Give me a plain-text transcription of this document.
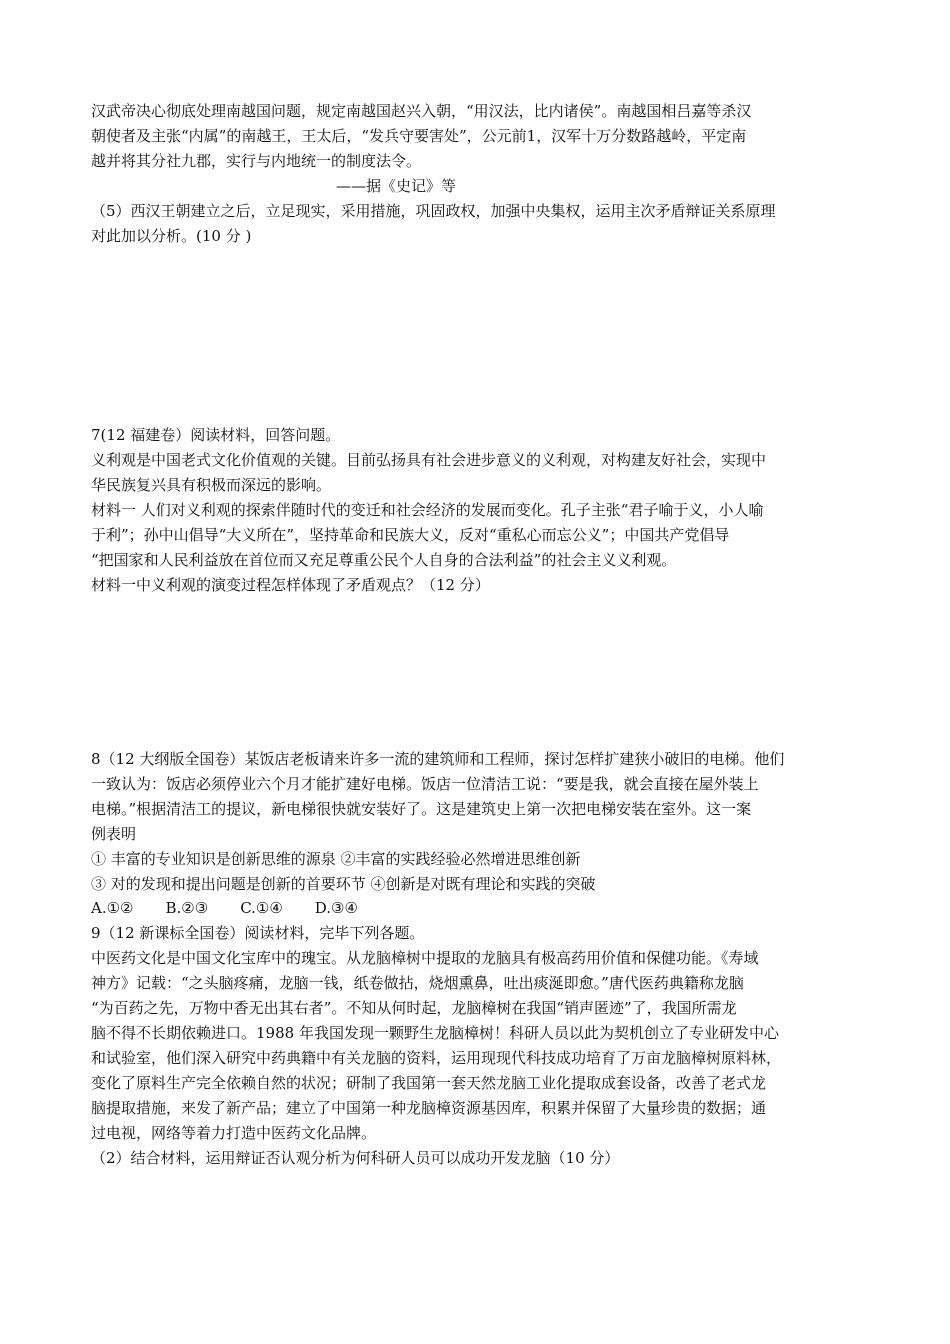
汉武帝决心彻底处理南越国问题，规定南越国赵兴入朝，“用汉法，比内诸侯”。南越国相吕嘉等杀汉
朝使者及主张“内属”的南越王，王太后，“发兵守要害处”，公元前1，汉军十万分数路越岭，平定南
越并将其分社九郡，实行与内地统一的制度法令。
——据《史记》等
（5）西汉王朝建立之后，立足现实，采用措施，巩固政权，加强中央集权，运用主次矛盾辩证关系原理
对此加以分析。(10 分 )
7(12 福建卷）阅读材料，回答问题。
义利观是中国老式文化价值观的关键。目前弘扬具有社会进步意义的义利观，对构建友好社会，实现中
华民族复兴具有积极而深远的影响。
材料一 人们对义利观的探索伴随时代的变迁和社会经济的发展而变化。孔子主张“君子喻于义，小人喻
于利”；孙中山倡导“大义所在”，坚持革命和民族大义，反对“重私心而忘公义”；中国共产党倡导
“把国家和人民利益放在首位而又充足尊重公民个人自身的合法利益”的社会主义义利观。
材料一中义利观的演变过程怎样体现了矛盾观点？（12 分）
8（12 大纲版全国卷）某饭店老板请来许多一流的建筑师和工程师，探讨怎样扩建狭小破旧的电梯。他们
一致认为：饭店必须停业六个月才能扩建好电梯。饭店一位清洁工说：“要是我，就会直接在屋外装上
电梯。”根据清洁工的提议，新电梯很快就安装好了。这是建筑史上第一次把电梯安装在室外。这一案
例表明
① 丰富的专业知识是创新思维的源泉 ②丰富的实践经验必然增进思维创新
③ 对的发现和提出问题是创新的首要环节 ④创新是对既有理论和实践的突破
A.①② B.②③ C.①④ D.③④
9（12 新课标全国卷）阅读材料，完毕下列各题。
中医药文化是中国文化宝库中的瑰宝。从龙脑樟树中提取的龙脑具有极高药用价值和保健功能。《寿域
神方》记载：“之头脑疼痛，龙脑一钱，纸卷做拈，烧烟熏鼻，吐出痰涎即愈。”唐代医药典籍称龙脑
“为百药之先，万物中香无出其右者”。不知从何时起，龙脑樟树在我国“销声匿迹”了，我国所需龙
脑不得不长期依赖进口。1988 年我国发现一颗野生龙脑樟树！科研人员以此为契机创立了专业研发中心
和试验室，他们深入研究中药典籍中有关龙脑的资料，运用现现代科技成功培育了万亩龙脑樟树原料林，
变化了原料生产完全依赖自然的状况；研制了我国第一套天然龙脑工业化提取成套设备，改善了老式龙
脑提取措施，来发了新产品；建立了中国第一种龙脑樟资源基因库，积累并保留了大量珍贵的数据；通
过电视，网络等着力打造中医药文化品牌。
（2）结合材料，运用辩证否认观分析为何科研人员可以成功开发龙脑（10 分）
